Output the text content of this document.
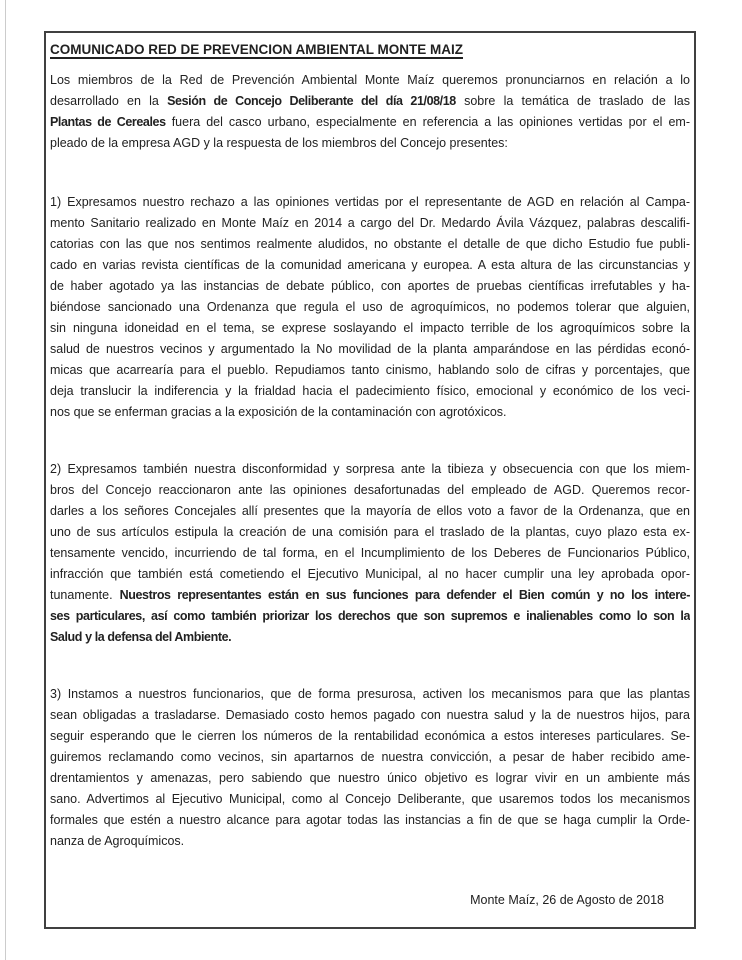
COMUNICADO RED DE PREVENCION AMBIENTAL MONTE MAIZ
Los miembros de la Red de Prevención Ambiental Monte Maíz queremos pronunciarnos en relación a lo
desarrollado en la Sesión de Concejo Deliberante del día 21/08/18 sobre la temática de traslado de las
Plantas de Cereales fuera del casco urbano, especialmente en referencia a las opiniones vertidas por el em-
pleado de la empresa AGD y la respuesta de los miembros del Concejo presentes:
1) Expresamos nuestro rechazo a las opiniones vertidas por el representante de AGD en relación al Campa-
mento Sanitario realizado en Monte Maíz en 2014 a cargo del Dr. Medardo Ávila Vázquez, palabras descalifi-
catorias con las que nos sentimos realmente aludidos, no obstante el detalle de que dicho Estudio fue publi-
cado en varias revista científicas de la comunidad americana y europea. A esta altura de las circunstancias y
de haber agotado ya las instancias de debate público, con aportes de pruebas científicas irrefutables y ha-
biéndose sancionado una Ordenanza que regula el uso de agroquímicos, no podemos tolerar que alguien,
sin ninguna idoneidad en el tema, se exprese soslayando el impacto terrible de los agroquímicos sobre la
salud de nuestros vecinos y argumentado la No movilidad de la planta amparándose en las pérdidas econó-
micas que acarrearía para el pueblo. Repudiamos tanto cinismo, hablando solo de cifras y porcentajes, que
deja translucir la indiferencia y la frialdad hacia el padecimiento físico, emocional y económico de los veci-
nos que se enferman gracias a la exposición de la contaminación con agrotóxicos.
2) Expresamos también nuestra disconformidad y sorpresa ante la tibieza y obsecuencia con que los miem-
bros del Concejo reaccionaron ante las opiniones desafortunadas del empleado de AGD. Queremos recor-
darles a los señores Concejales allí presentes que la mayoría de ellos voto a favor de la Ordenanza, que en
uno de sus artículos estipula la creación de una comisión para el traslado de la plantas, cuyo plazo esta ex-
tensamente vencido, incurriendo de tal forma, en el Incumplimiento de los Deberes de Funcionarios Público,
infracción que también está cometiendo el Ejecutivo Municipal, al no hacer cumplir una ley aprobada opor-
tunamente. Nuestros representantes están en sus funciones para defender el Bien común y no los intere-
ses particulares, así como también priorizar los derechos que son supremos e inalienables como lo son la
Salud y la defensa del Ambiente.
3) Instamos a nuestros funcionarios, que de forma presurosa, activen los mecanismos para que las plantas
sean obligadas a trasladarse. Demasiado costo hemos pagado con nuestra salud y la de nuestros hijos, para
seguir esperando que le cierren los números de la rentabilidad económica a estos intereses particulares. Se-
guiremos reclamando como vecinos, sin apartarnos de nuestra convicción, a pesar de haber recibido ame-
drentamientos y amenazas, pero sabiendo que nuestro único objetivo es lograr vivir en un ambiente más
sano. Advertimos al Ejecutivo Municipal, como al Concejo Deliberante, que usaremos todos los mecanismos
formales que estén a nuestro alcance para agotar todas las instancias a fin de que se haga cumplir la Orde-
nanza de Agroquímicos.
Monte Maíz, 26 de Agosto de 2018
